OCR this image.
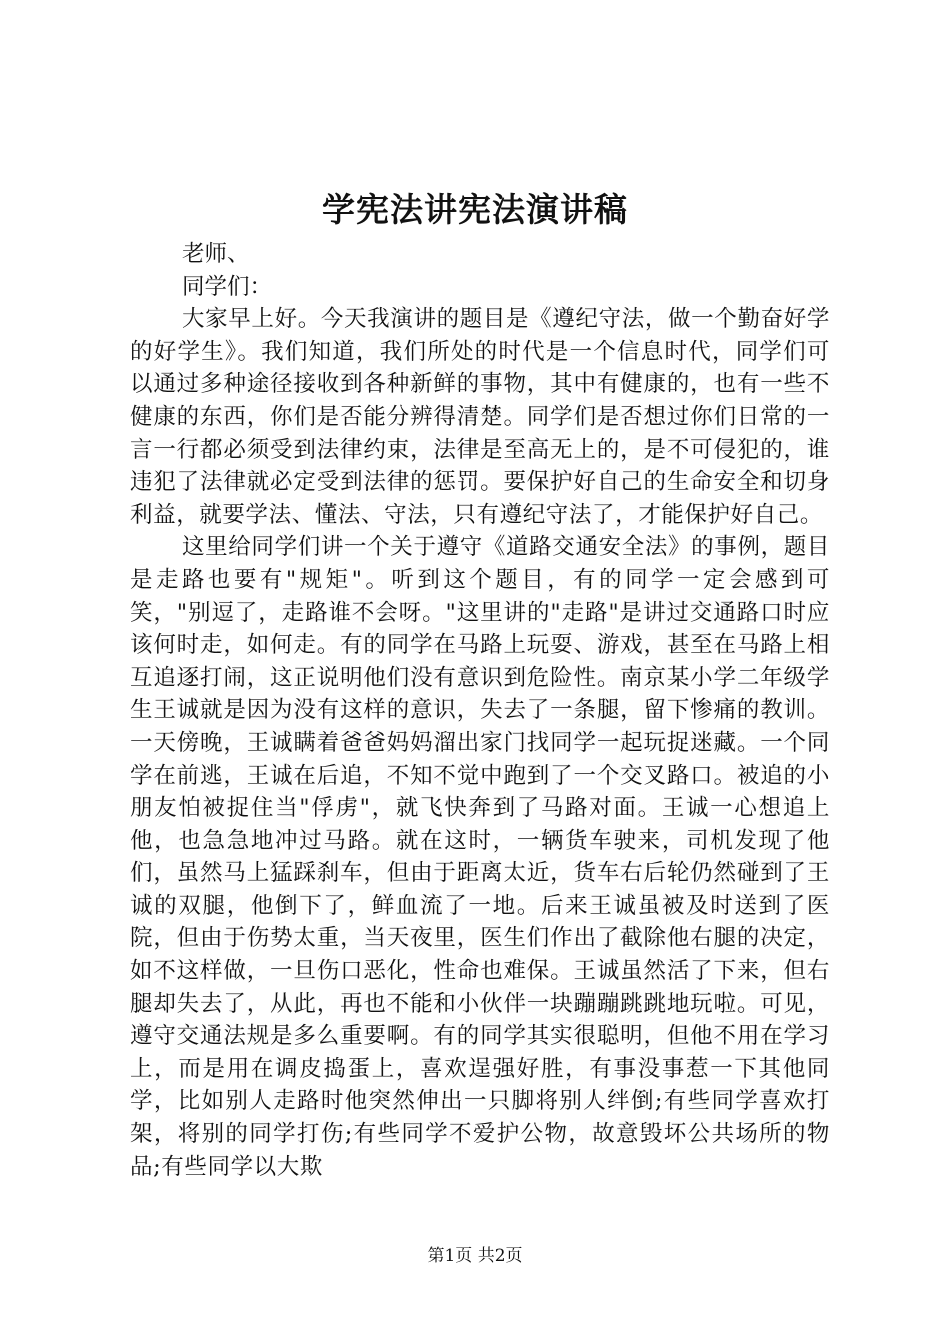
学宪法讲宪法演讲稿

老师、

同学们：

大家早上好。今天我演讲的题目是《遵纪守法，做一个勤奋好学的好学生》。我们知道，我们所处的时代是一个信息时代，同学们可以通过多种途径接收到各种新鲜的事物，其中有健康的，也有一些不健康的东西，你们是否能分辨得清楚。同学们是否想过你们日常的一言一行都必须受到法律约束，法律是至高无上的，是不可侵犯的，谁违犯了法律就必定受到法律的惩罚。要保护好自己的生命安全和切身利益，就要学法、懂法、守法，只有遵纪守法了，才能保护好自己。

这里给同学们讲一个关于遵守《道路交通安全法》的事例，题目是走路也要有"规矩"。听到这个题目，有的同学一定会感到可笑，"别逗了，走路谁不会呀。"这里讲的"走路"是讲过交通路口时应该何时走，如何走。有的同学在马路上玩耍、游戏，甚至在马路上相互追逐打闹，这正说明他们没有意识到危险性。南京某小学二年级学生王诚就是因为没有这样的意识，失去了一条腿，留下惨痛的教训。一天傍晚，王诚瞒着爸爸妈妈溜出家门找同学一起玩捉迷藏。一个同学在前逃，王诚在后追，不知不觉中跑到了一个交叉路口。被追的小朋友怕被捉住当"俘虏"，就飞快奔到了马路对面。王诚一心想追上他，也急急地冲过马路。就在这时，一辆货车驶来，司机发现了他们，虽然马上猛踩刹车，但由于距离太近，货车右后轮仍然碰到了王诚的双腿，他倒下了，鲜血流了一地。后来王诚虽被及时送到了医院，但由于伤势太重，当天夜里，医生们作出了截除他右腿的决定，如不这样做，一旦伤口恶化，性命也难保。王诚虽然活了下来，但右腿却失去了，从此，再也不能和小伙伴一块蹦蹦跳跳地玩啦。可见，遵守交通法规是多么重要啊。有的同学其实很聪明，但他不用在学习上，而是用在调皮捣蛋上，喜欢逞强好胜，有事没事惹一下其他同学，比如别人走路时他突然伸出一只脚将别人绊倒;有些同学喜欢打架，将别的同学打伤;有些同学不爱护公物，故意毁坏公共场所的物品;有些同学以大欺

第1页 共2页
